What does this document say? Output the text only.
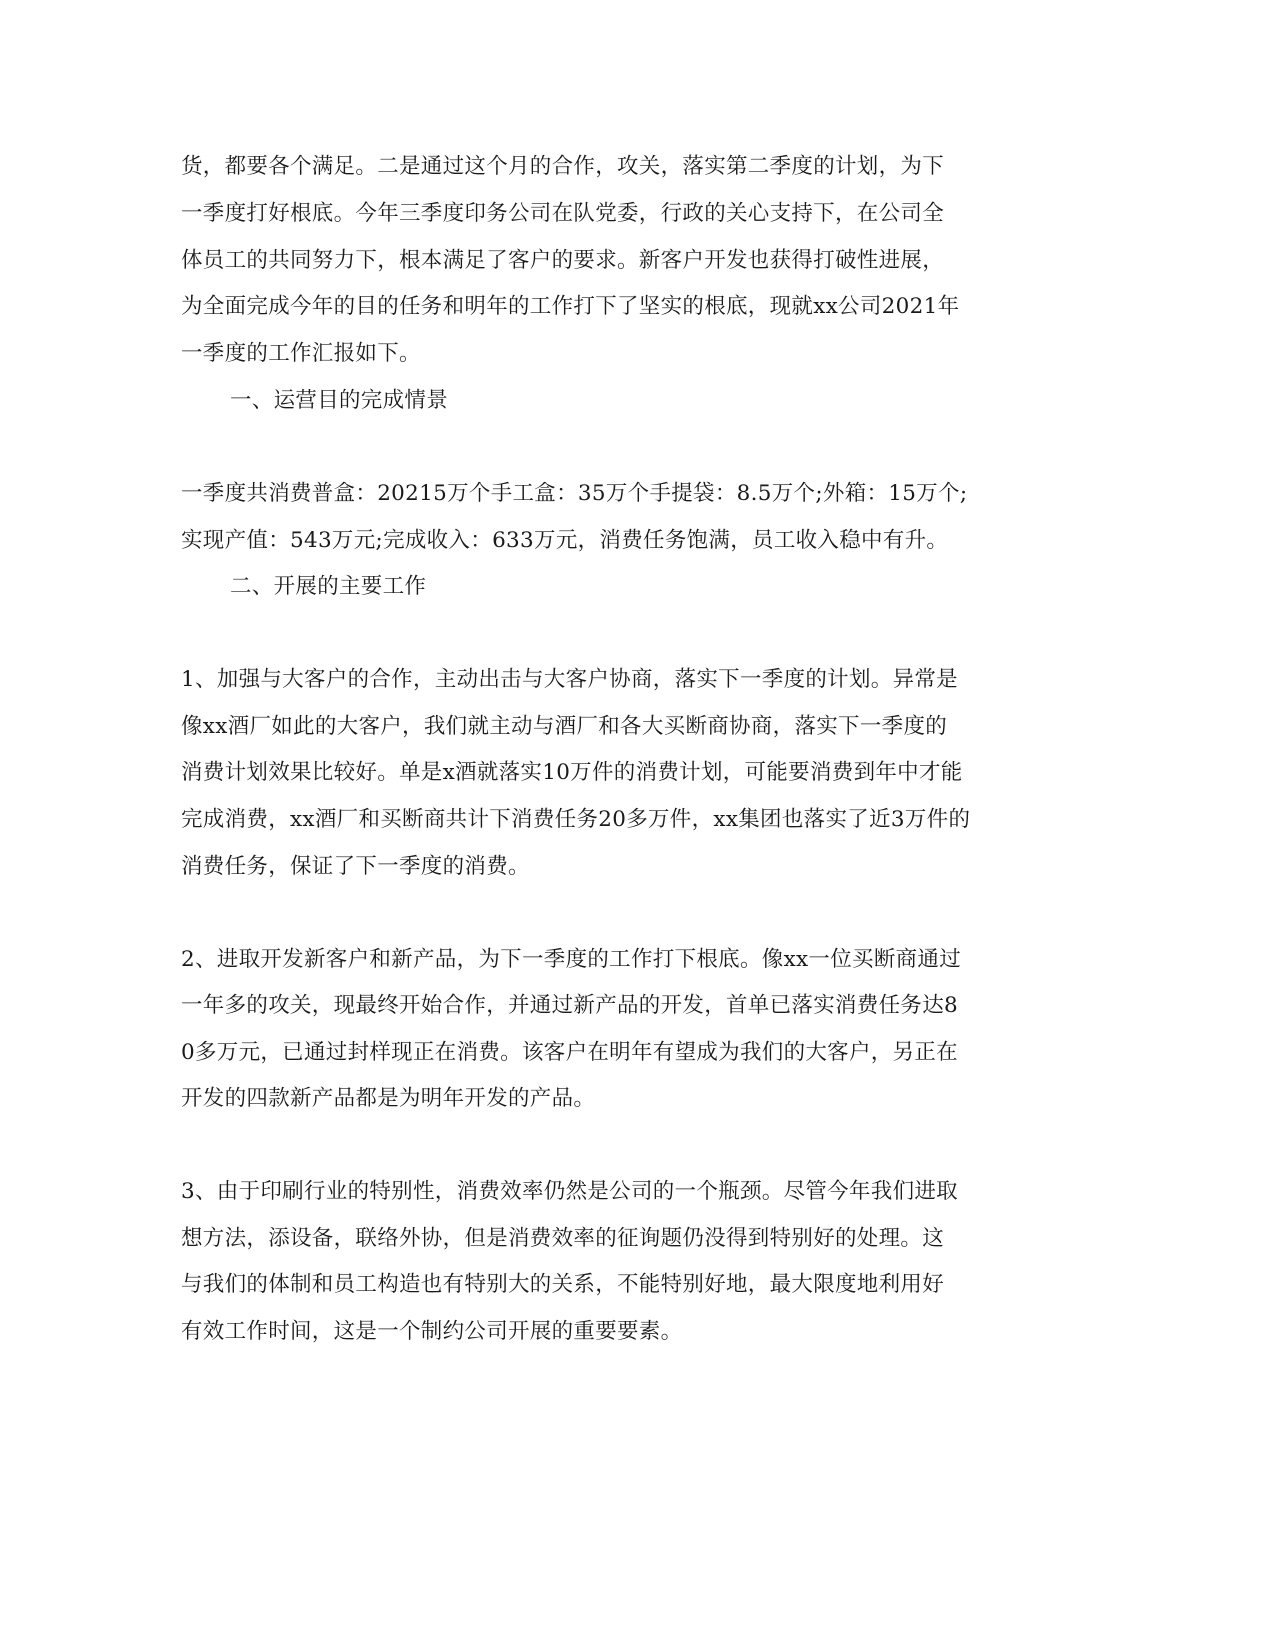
货，都要各个满足。二是通过这个月的合作，攻关，落实第二季度的计划，为下
一季度打好根底。今年三季度印务公司在队党委，行政的关心支持下，在公司全
体员工的共同努力下，根本满足了客户的要求。新客户开发也获得打破性进展，
为全面完成今年的目的任务和明年的工作打下了坚实的根底，现就xx公司2021年
一季度的工作汇报如下。
一、运营目的完成情景
一季度共消费普盒：20215万个手工盒：35万个手提袋：8.5万个;外箱：15万个;
实现产值：543万元;完成收入：633万元，消费任务饱满，员工收入稳中有升。
二、开展的主要工作
1、加强与大客户的合作，主动出击与大客户协商，落实下一季度的计划。异常是
像xx酒厂如此的大客户，我们就主动与酒厂和各大买断商协商，落实下一季度的
消费计划效果比较好。单是x酒就落实10万件的消费计划，可能要消费到年中才能
完成消费，xx酒厂和买断商共计下消费任务20多万件，xx集团也落实了近3万件的
消费任务，保证了下一季度的消费。
2、进取开发新客户和新产品，为下一季度的工作打下根底。像xx一位买断商通过
一年多的攻关，现最终开始合作，并通过新产品的开发，首单已落实消费任务达8
0多万元，已通过封样现正在消费。该客户在明年有望成为我们的大客户，另正在
开发的四款新产品都是为明年开发的产品。
3、由于印刷行业的特别性，消费效率仍然是公司的一个瓶颈。尽管今年我们进取
想方法，添设备，联络外协，但是消费效率的征询题仍没得到特别好的处理。这
与我们的体制和员工构造也有特别大的关系，不能特别好地，最大限度地利用好
有效工作时间，这是一个制约公司开展的重要要素。
